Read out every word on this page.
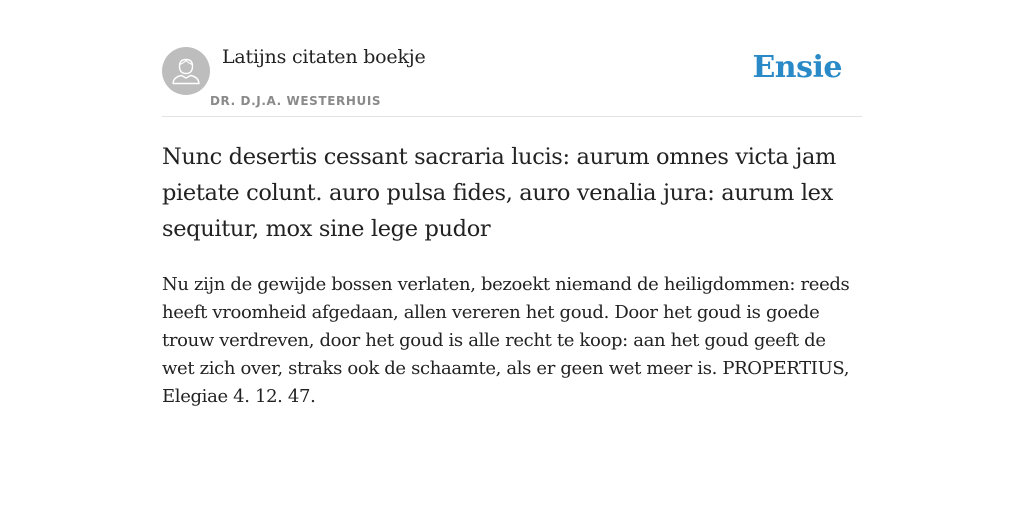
Latijns citaten boekje
DR. D.J.A. WESTERHUIS
Ensie

Nunc desertis cessant sacraria lucis: aurum omnes victa jam pietate colunt. auro pulsa fides, auro venalia jura: aurum lex sequitur, mox sine lege pudor

Nu zijn de gewijde bossen verlaten, bezoekt niemand de heiligdommen: reeds heeft vroomheid afgedaan, allen vereren het goud. Door het goud is goede trouw verdreven, door het goud is alle recht te koop: aan het goud geeft de wet zich over, straks ook de schaamte, als er geen wet meer is. PROPERTIUS, Elegiae 4. 12. 47.
